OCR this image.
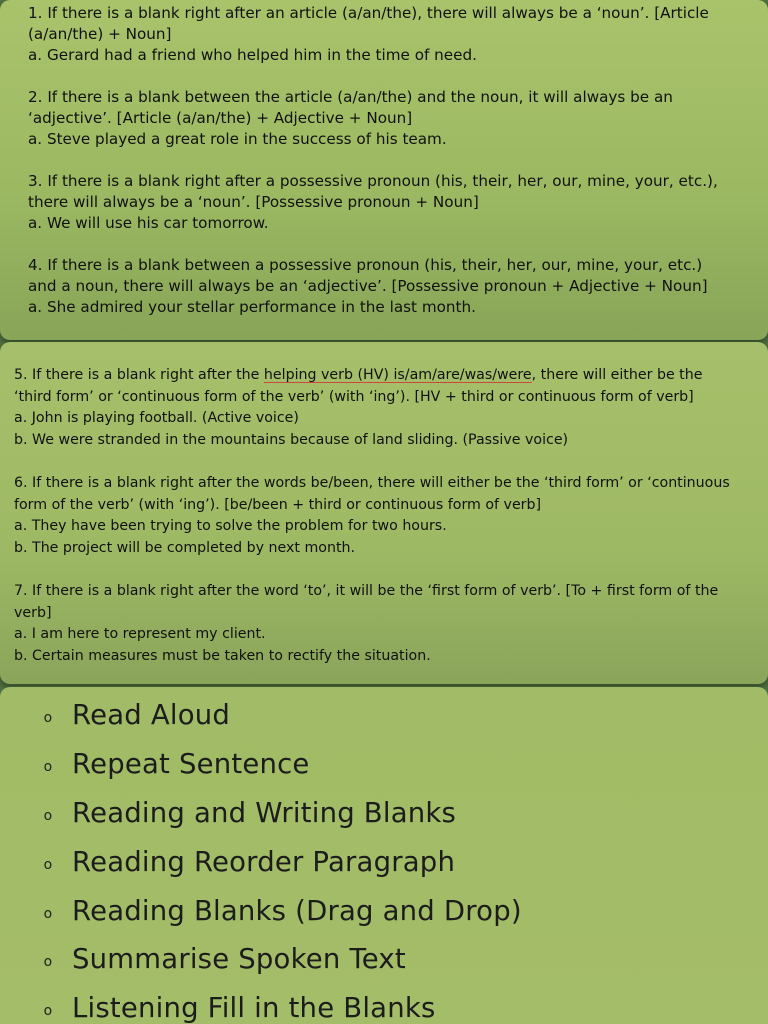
1. If there is a blank right after an article (a/an/the), there will always be a ‘noun’. [Article

(a/an/the) + Noun]

a. Gerard had a friend who helped him in the time of need.

2. If there is a blank between the article (a/an/the) and the noun, it will always be an

‘adjective’. [Article (a/an/the) + Adjective + Noun]

a. Steve played a great role in the success of his team.

3. If there is a blank right after a possessive pronoun (his, their, her, our, mine, your, etc.),

there will always be a ‘noun’. [Possessive pronoun + Noun]

a. We will use his car tomorrow.

4. If there is a blank between a possessive pronoun (his, their, her, our, mine, your, etc.)

and a noun, there will always be an ‘adjective’. [Possessive pronoun + Adjective + Noun]

a. She admired your stellar performance in the last month.

5. If there is a blank right after the helping verb (HV) is/am/are/was/were, there will either be the

‘third form’ or ‘continuous form of the verb’ (with ‘ing’). [HV + third or continuous form of verb]

a. John is playing football. (Active voice)

b. We were stranded in the mountains because of land sliding. (Passive voice)

6. If there is a blank right after the words be/been, there will either be the ‘third form’ or ‘continuous

form of the verb’ (with ‘ing’). [be/been + third or continuous form of verb]

a. They have been trying to solve the problem for two hours.

b. The project will be completed by next month.

7. If there is a blank right after the word ‘to’, it will be the ‘first form of verb’. [To + first form of the

verb]

a. I am here to represent my client.

b. Certain measures must be taken to rectify the situation.

o Read Aloud
o Repeat Sentence
o Reading and Writing Blanks
o Reading Reorder Paragraph
o Reading Blanks (Drag and Drop)
o Summarise Spoken Text
o Listening Fill in the Blanks
